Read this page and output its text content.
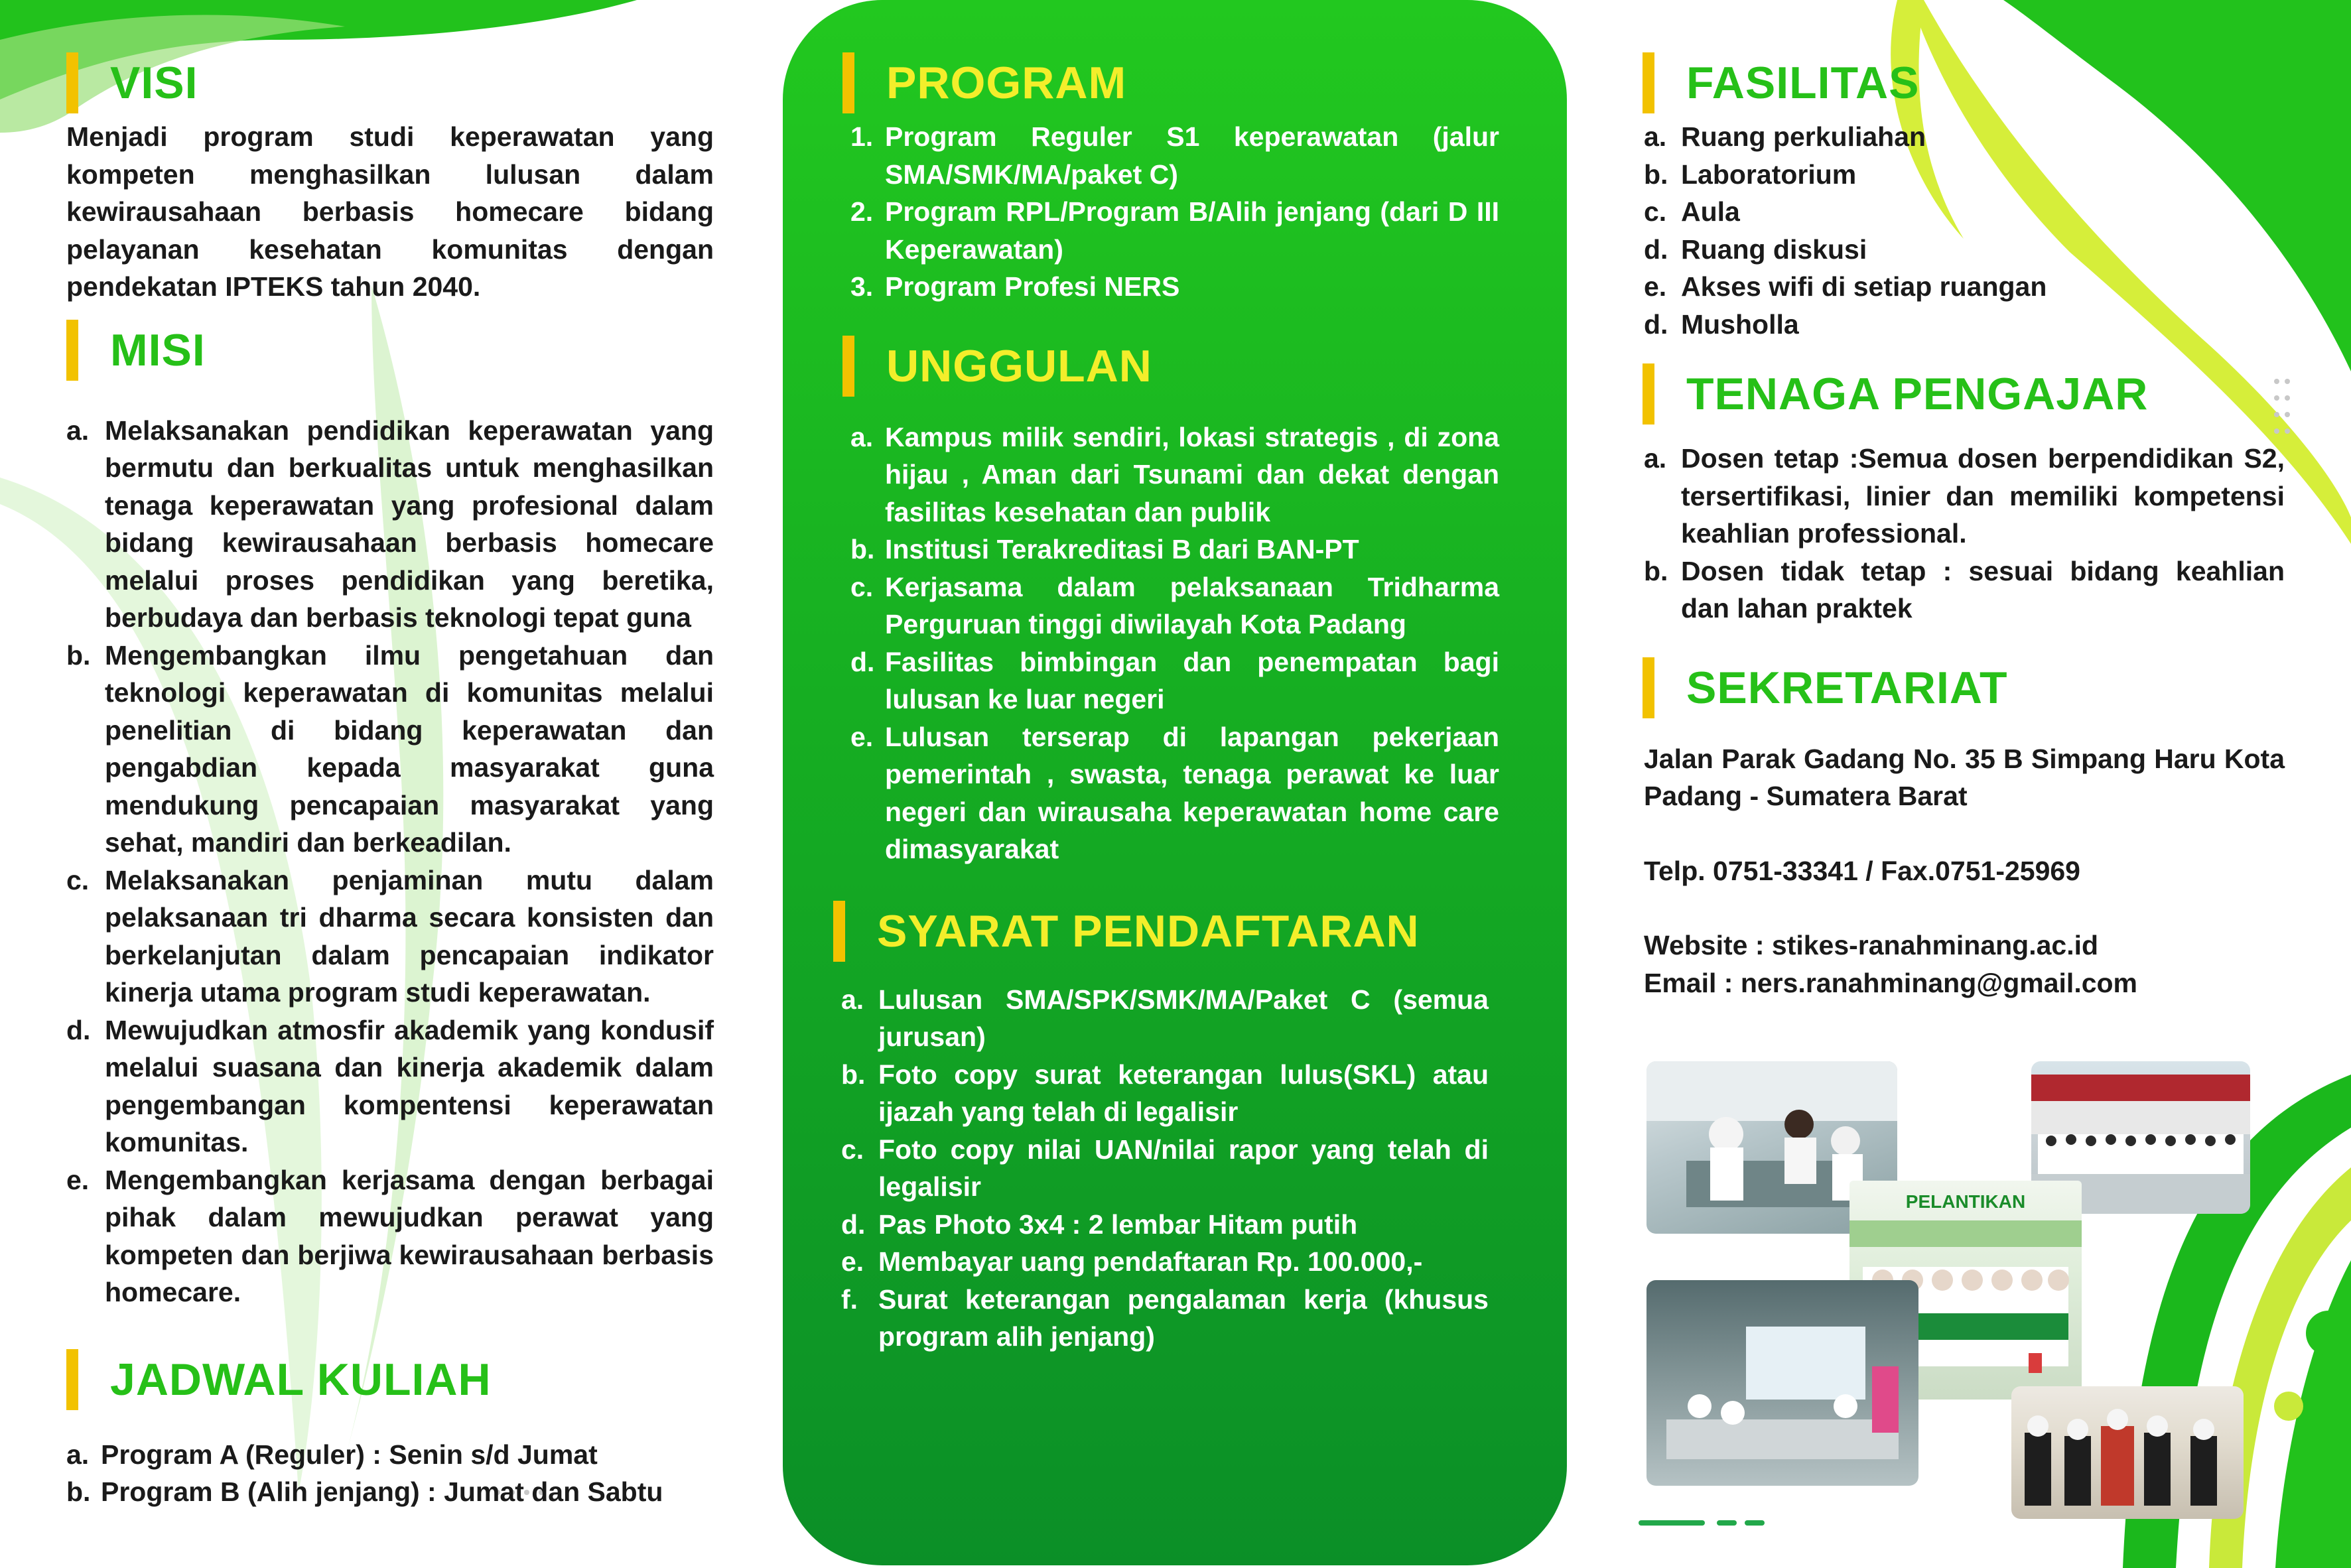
VISI

Menjadi program studi keperawatan yang kompeten menghasilkan lulusan dalam kewirausahaan berbasis homecare bidang pelayanan kesehatan komunitas dengan pendekatan IPTEKS tahun 2040.

MISI
a. Melaksanakan pendidikan keperawatan yang bermutu dan berkualitas untuk menghasilkan tenaga keperawatan yang profesional dalam bidang kewirausahaan berbasis homecare melalui proses pendidikan yang beretika, berbudaya dan berbasis teknologi tepat guna
b. Mengembangkan ilmu pengetahuan dan teknologi keperawatan di komunitas melalui penelitian di bidang keperawatan dan pengabdian kepada masyarakat guna mendukung pencapaian masyarakat yang sehat, mandiri dan berkeadilan.
c. Melaksanakan penjaminan mutu dalam pelaksanaan tri dharma secara konsisten dan berkelanjutan dalam pencapaian indikator kinerja utama program studi keperawatan.
d. Mewujudkan atmosfir akademik yang kondusif melalui suasana dan kinerja akademik dalam pengembangan kompentensi keperawatan komunitas.
e. Mengembangkan kerjasama dengan berbagai pihak dalam mewujudkan perawat yang kompeten dan berjiwa kewirausahaan berbasis homecare.
JADWAL KULIAH
a. Program A (Reguler) : Senin s/d Jumat
b. Program B (Alih jenjang) : Jumat dan Sabtu
PROGRAM
1. Program Reguler S1 keperawatan (jalur SMA/SMK/MA/paket C)
2. Program RPL/Program B/Alih jenjang (dari D III Keperawatan)
3. Program Profesi NERS
UNGGULAN
a. Kampus milik sendiri, lokasi strategis , di zona hijau , Aman dari Tsunami dan dekat dengan fasilitas kesehatan dan publik
b. Institusi Terakreditasi B dari BAN-PT
c. Kerjasama dalam pelaksanaan Tridharma Perguruan tinggi diwilayah Kota Padang
d. Fasilitas bimbingan dan penempatan bagi lulusan ke luar negeri
e. Lulusan terserap di lapangan pekerjaan pemerintah , swasta, tenaga perawat ke luar negeri dan wirausaha keperawatan home care dimasyarakat
SYARAT PENDAFTARAN
a. Lulusan SMA/SPK/SMK/MA/Paket C (semua jurusan)
b. Foto copy surat keterangan lulus(SKL) atau ijazah yang telah di legalisir
c. Foto copy nilai UAN/nilai rapor yang telah di legalisir
d. Pas Photo 3x4 : 2 lembar Hitam putih
e. Membayar uang pendaftaran Rp. 100.000,-
f. Surat keterangan pengalaman kerja (khusus program alih jenjang)
FASILITAS
a. Ruang perkuliahan
b. Laboratorium
c. Aula
d. Ruang diskusi
e. Akses wifi di setiap ruangan
d. Musholla
TENAGA PENGAJAR
a. Dosen tetap :Semua dosen berpendidikan S2, tersertifikasi, linier dan memiliki kompetensi keahlian professional.
b. Dosen tidak tetap : sesuai bidang keahlian dan lahan praktek
SEKRETARIAT

Jalan Parak Gadang No. 35 B Simpang Haru Kota Padang - Sumatera Barat

Telp. 0751-33341 / Fax.0751-25969

Website : stikes-ranahminang.ac.id

Email : ners.ranahminang@gmail.com

PELANTIKAN
